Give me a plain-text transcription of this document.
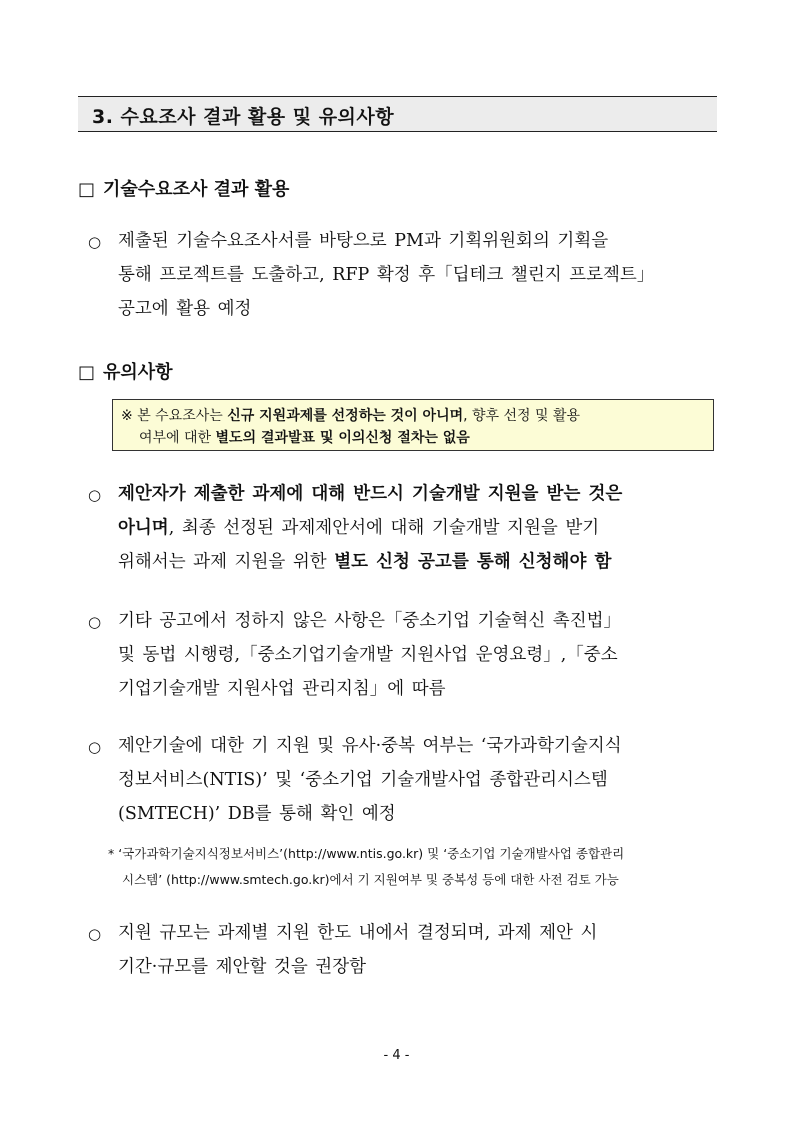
3. 수요조사 결과 활용 및 유의사항
□ 기술수요조사 결과 활용
○ 제출된 기술수요조사서를 바탕으로 PM과 기획위원회의 기획을
통해 프로젝트를 도출하고, RFP 확정 후「딥테크 챌린지 프로젝트」
공고에 활용 예정
□ 유의사항
※ 본 수요조사는 신규 지원과제를 선정하는 것이 아니며, 향후 선정 및 활용
여부에 대한 별도의 결과발표 및 이의신청 절차는 없음
○ 제안자가 제출한 과제에 대해 반드시 기술개발 지원을 받는 것은
아니며, 최종 선정된 과제제안서에 대해 기술개발 지원을 받기
위해서는 과제 지원을 위한 별도 신청 공고를 통해 신청해야 함
○ 기타 공고에서 정하지 않은 사항은「중소기업 기술혁신 촉진법」
및 동법 시행령,「중소기업기술개발 지원사업 운영요령」,「중소
기업기술개발 지원사업 관리지침」에 따름
○ 제안기술에 대한 기 지원 및 유사·중복 여부는 ‘국가과학기술지식
정보서비스(NTIS)’ 및 ‘중소기업 기술개발사업 종합관리시스템
(SMTECH)’ DB를 통해 확인 예정
* ‘국가과학기술지식정보서비스’(http://www.ntis.go.kr) 및 ‘중소기업 기술개발사업 종합관리
시스템’ (http://www.smtech.go.kr)에서 기 지원여부 및 중복성 등에 대한 사전 검토 가능
○ 지원 규모는 과제별 지원 한도 내에서 결정되며, 과제 제안 시
기간·규모를 제안할 것을 권장함
- 4 -
